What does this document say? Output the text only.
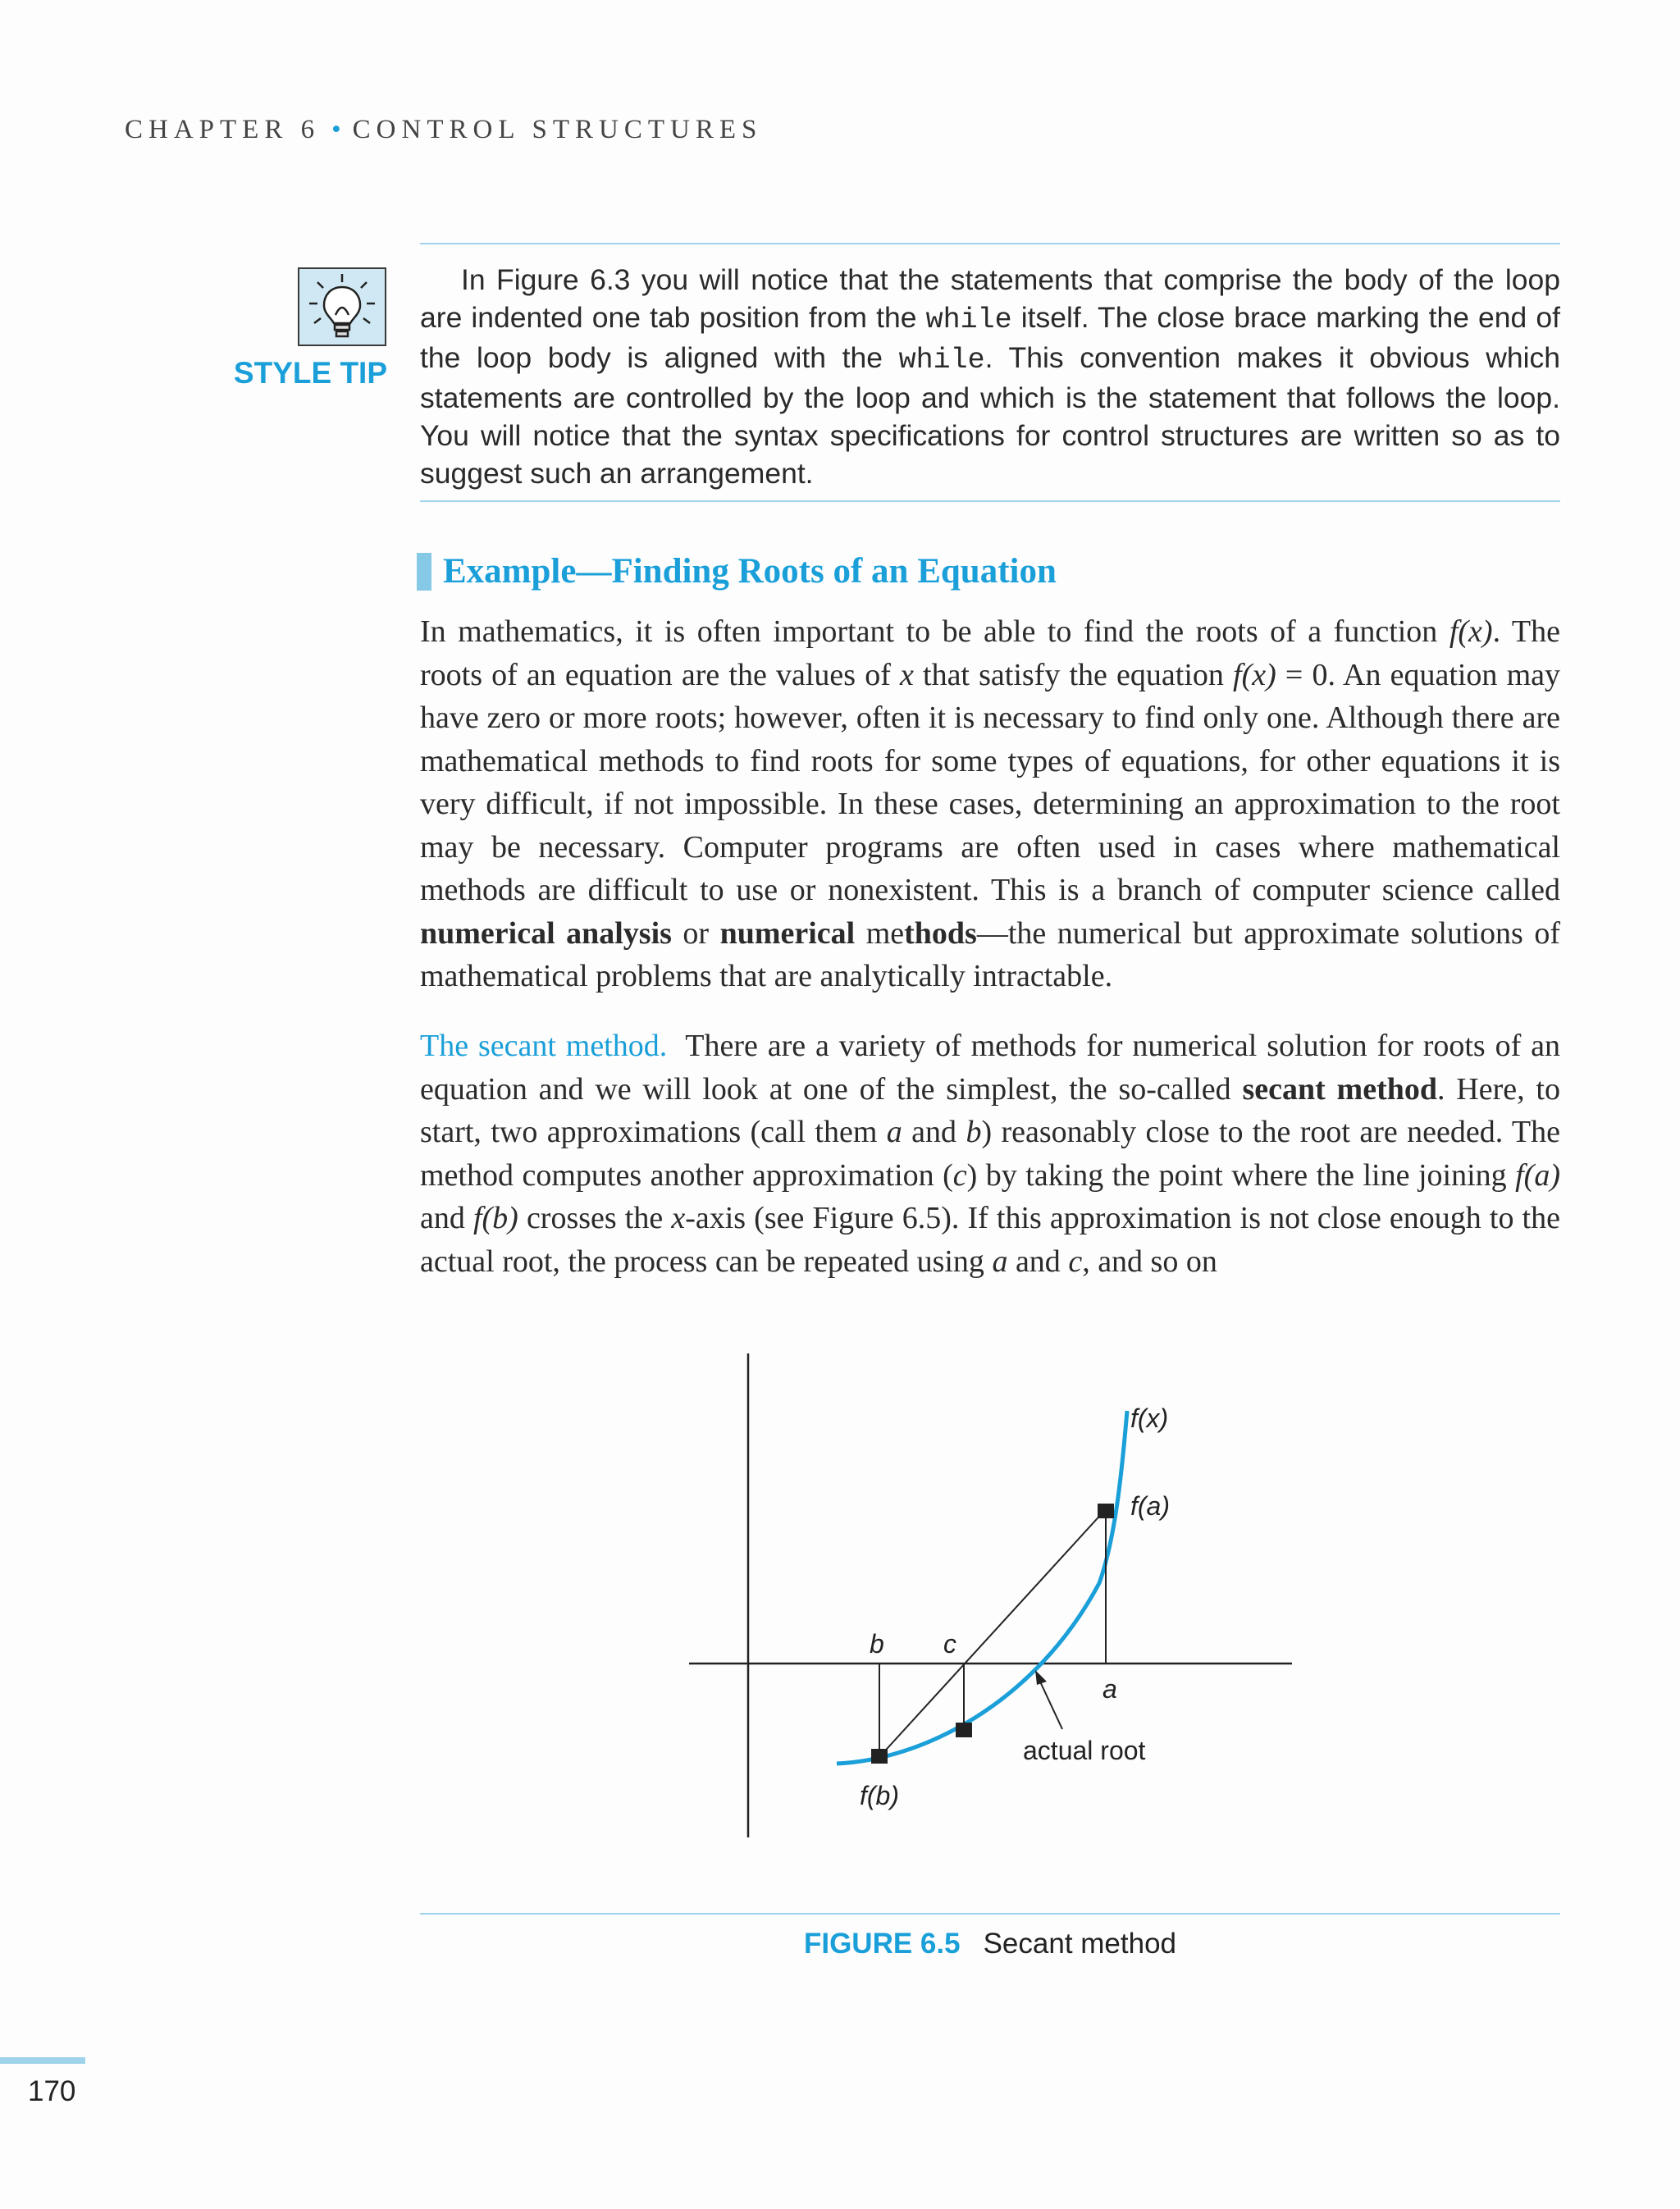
CHAPTER 6 • CONTROL STRUCTURES
STYLE TIP

In Figure 6.3 you will notice that the statements that comprise the body of the loop are indented one tab position from the while itself. The close brace marking the end of the loop body is aligned with the while. This convention makes it obvious which statements are controlled by the loop and which is the statement that follows the loop. You will notice that the syntax specifications for control structures are written so as to suggest such an arrangement.

Example—Finding Roots of an Equation

In mathematics, it is often important to be able to find the roots of a function f(x). The roots of an equation are the values of x that satisfy the equation f(x) = 0. An equation may have zero or more roots; however, often it is necessary to find only one. Although there are mathematical methods to find roots for some types of equations, for other equations it is very difficult, if not impossible. In these cases, determining an approximation to the root may be necessary. Computer programs are often used in cases where mathematical methods are difficult to use or nonexistent. This is a branch of computer science called numerical analysis or numerical methods—the numerical but approximate solutions of mathematical problems that are analytically intractable.

The secant method. There are a variety of methods for numerical solution for roots of an equation and we will look at one of the simplest, the so-called secant method. Here, to start, two approximations (call them a and b) reasonably close to the root are needed. The method computes another approximation (c) by taking the point where the line joining f(a) and f(b) crosses the x-axis (see Figure 6.5). If this approximation is not close enough to the actual root, the process can be repeated using a and c, and so on

f(x)
f(a)
f(b)
b c
a
actual root
FIGURE 6.5 Secant method
170
